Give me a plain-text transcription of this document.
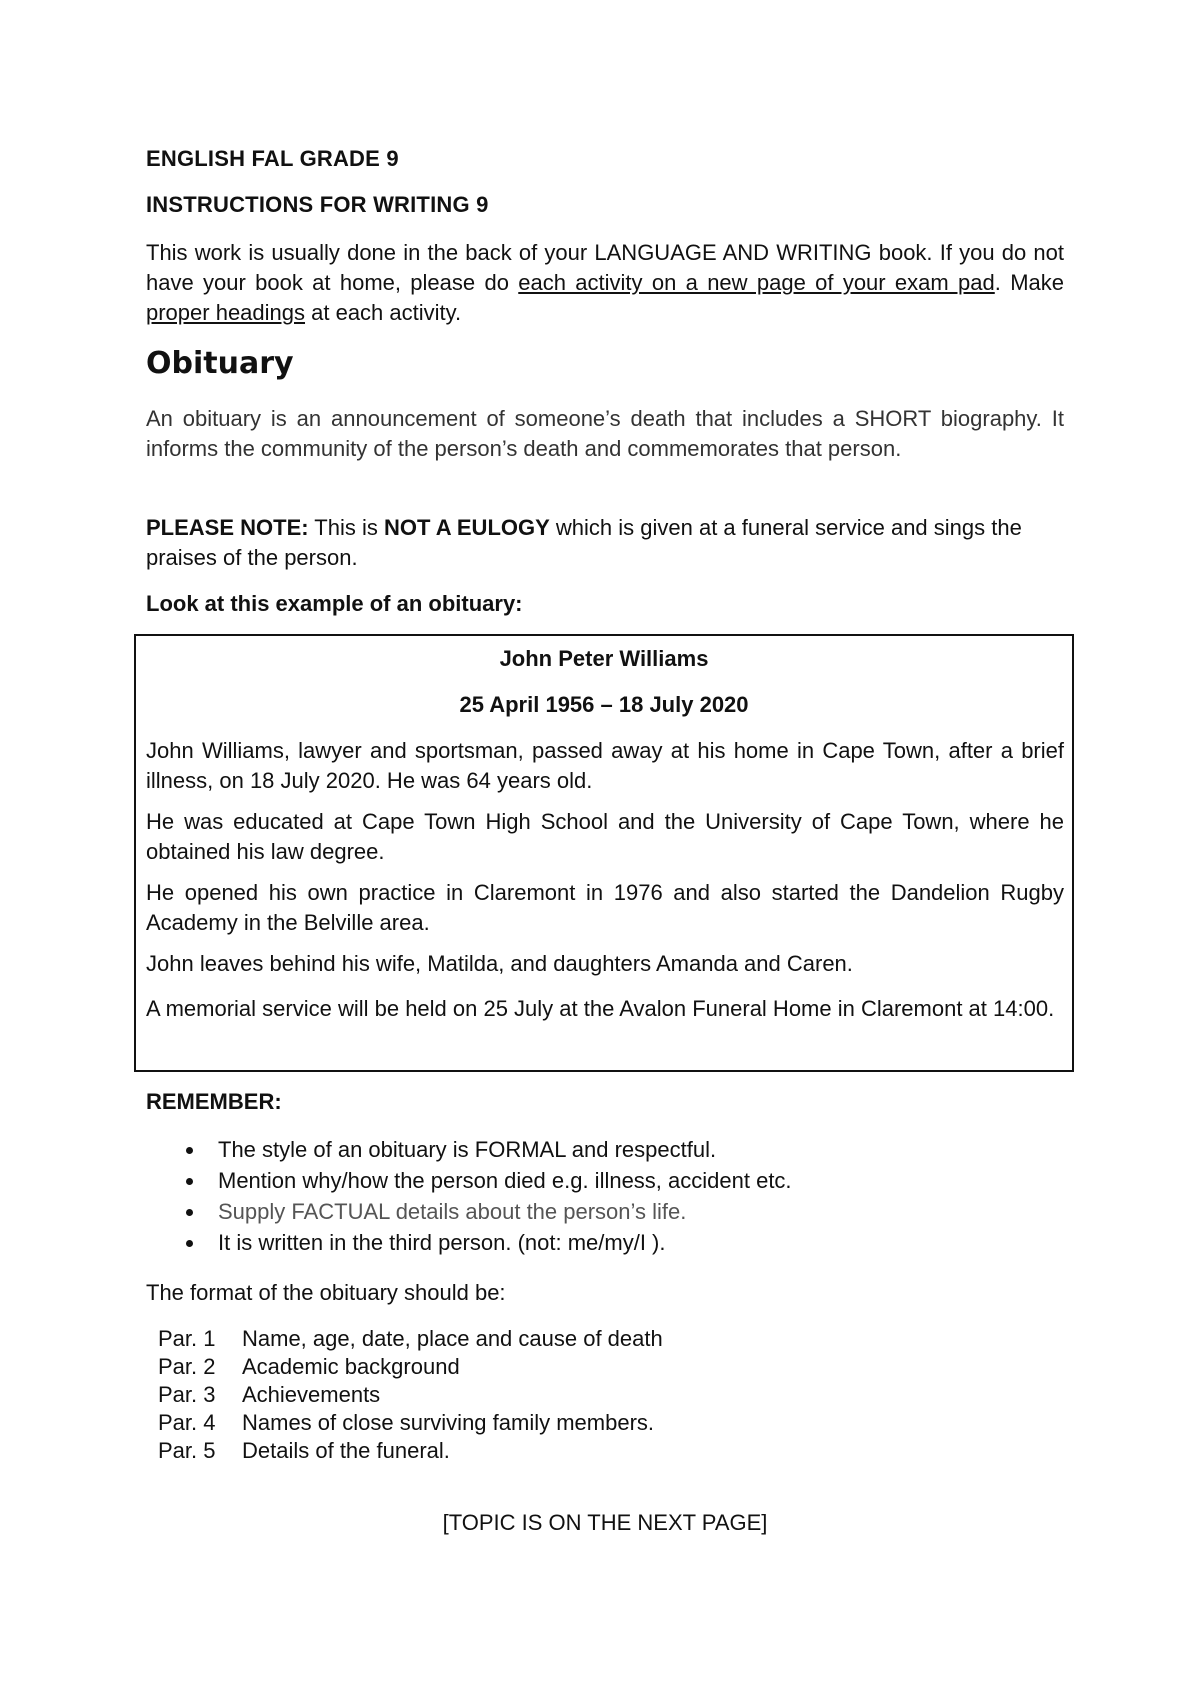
ENGLISH FAL GRADE 9
INSTRUCTIONS FOR WRITING 9
This work is usually done in the back of your LANGUAGE AND WRITING book. If you do not have your book at home, please do each activity on a new page of your exam pad. Make proper headings at each activity.
Obituary
An obituary is an announcement of someone’s death that includes a SHORT biography. It informs the community of the person’s death and commemorates that person.
PLEASE NOTE: This is NOT A EULOGY which is given at a funeral service and sings the praises of the person.
Look at this example of an obituary:
John Peter Williams
25 April 1956 – 18 July 2020
John Williams, lawyer and sportsman, passed away at his home in Cape Town, after a brief illness, on 18 July 2020. He was 64 years old.
He was educated at Cape Town High School and the University of Cape Town, where he obtained his law degree.
He opened his own practice in Claremont in 1976 and also started the Dandelion Rugby Academy in the Belville area.
John leaves behind his wife, Matilda, and daughters Amanda and Caren.
A memorial service will be held on 25 July at the Avalon Funeral Home in Claremont at 14:00.
REMEMBER:
The style of an obituary is FORMAL and respectful.
Mention why/how the person died e.g. illness, accident etc.
Supply FACTUAL details about the person’s life.
It is written in the third person. (not: me/my/I ).
The format of the obituary should be:
Par. 1	Name, age, date, place and cause of death
Par. 2	Academic background
Par. 3	Achievements
Par. 4	Names of close surviving family members.
Par. 5	Details of the funeral.
[TOPIC IS ON THE NEXT PAGE]
